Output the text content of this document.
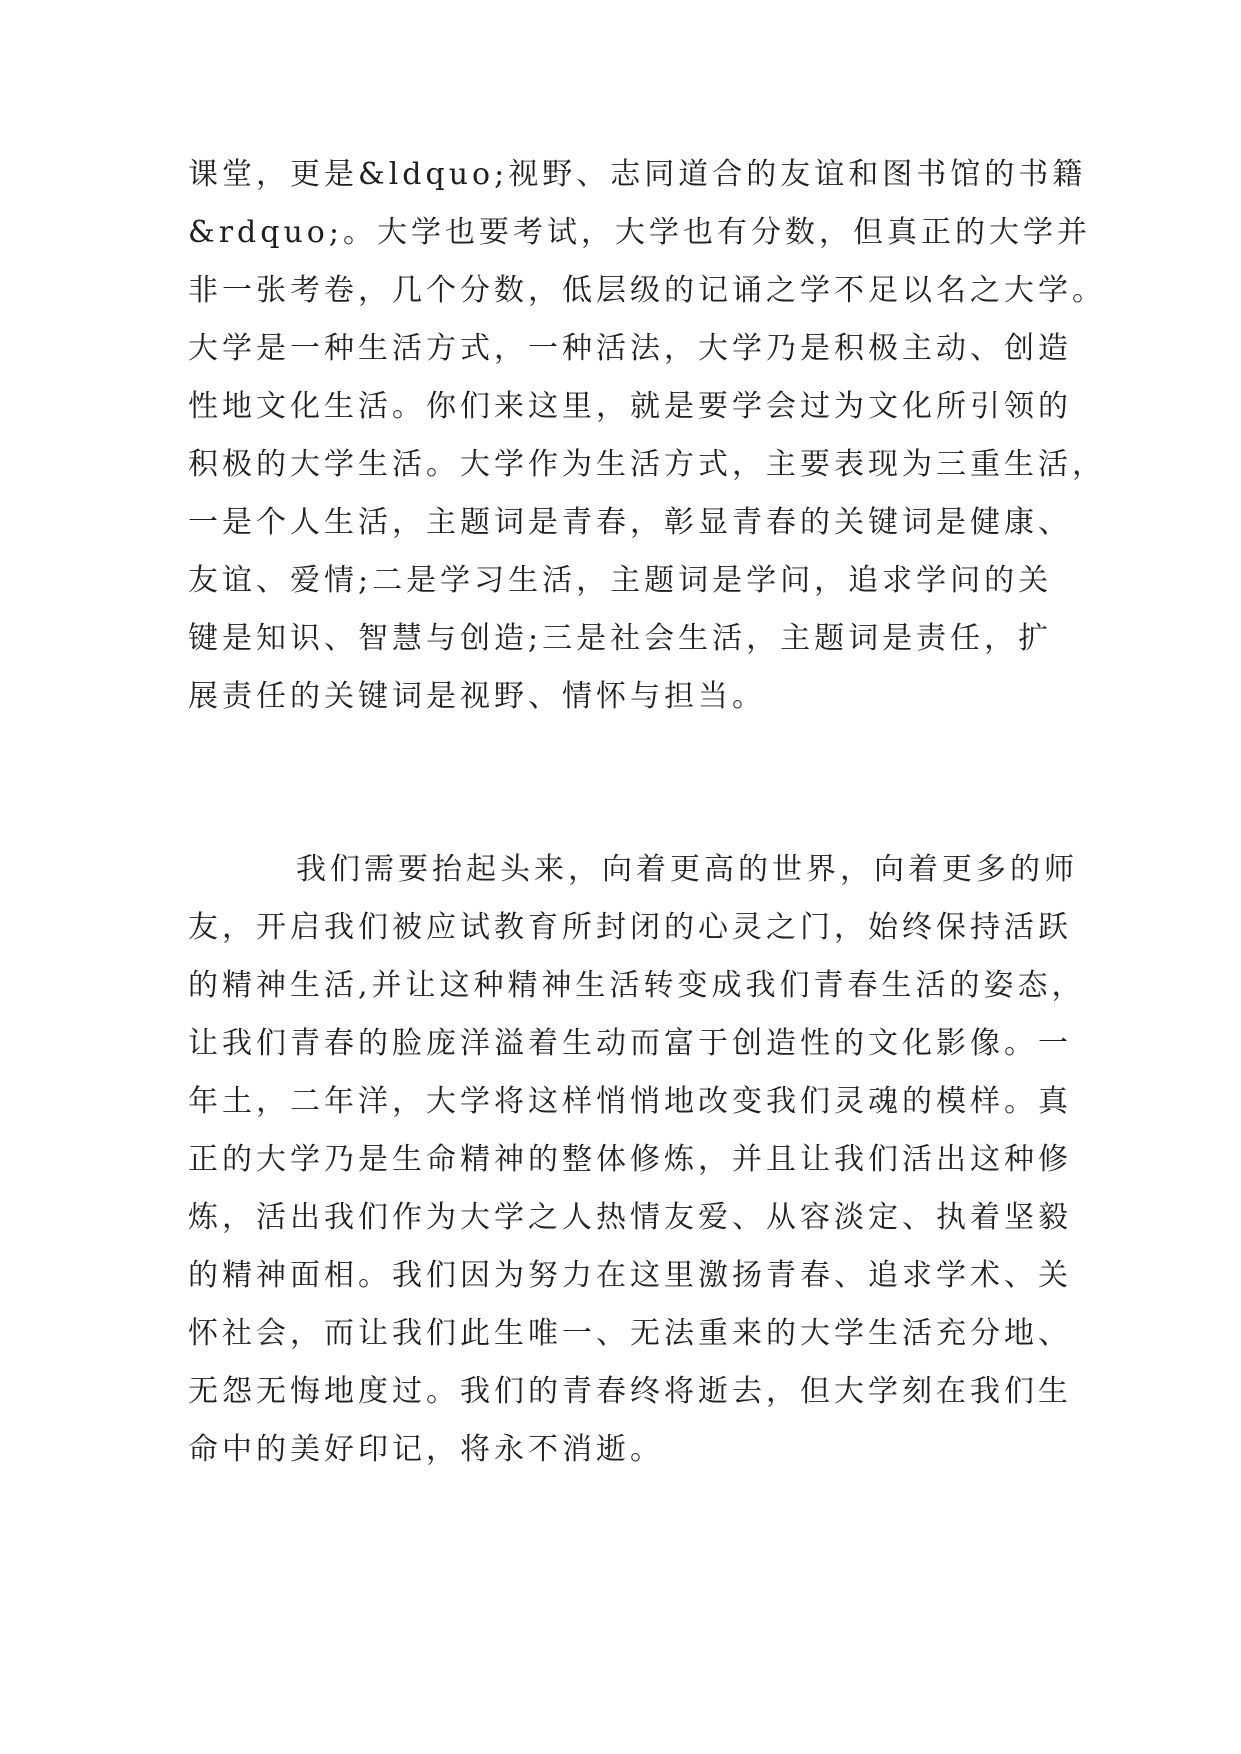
课堂，更是&ldquo;视野、志同道合的友谊和图书馆的书籍
&rdquo;。大学也要考试，大学也有分数，但真正的大学并
非一张考卷，几个分数，低层级的记诵之学不足以名之大学。
大学是一种生活方式，一种活法，大学乃是积极主动、创造
性地文化生活。你们来这里，就是要学会过为文化所引领的
积极的大学生活。大学作为生活方式，主要表现为三重生活，
一是个人生活，主题词是青春，彰显青春的关键词是健康、
友谊、爱情;二是学习生活，主题词是学问，追求学问的关
键是知识、智慧与创造;三是社会生活，主题词是责任，扩
展责任的关键词是视野、情怀与担当。
我们需要抬起头来，向着更高的世界，向着更多的师
友，开启我们被应试教育所封闭的心灵之门，始终保持活跃
的精神生活,并让这种精神生活转变成我们青春生活的姿态，
让我们青春的脸庞洋溢着生动而富于创造性的文化影像。一
年土，二年洋，大学将这样悄悄地改变我们灵魂的模样。真
正的大学乃是生命精神的整体修炼，并且让我们活出这种修
炼，活出我们作为大学之人热情友爱、从容淡定、执着坚毅
的精神面相。我们因为努力在这里激扬青春、追求学术、关
怀社会，而让我们此生唯一、无法重来的大学生活充分地、
无怨无悔地度过。我们的青春终将逝去，但大学刻在我们生
命中的美好印记，将永不消逝。
